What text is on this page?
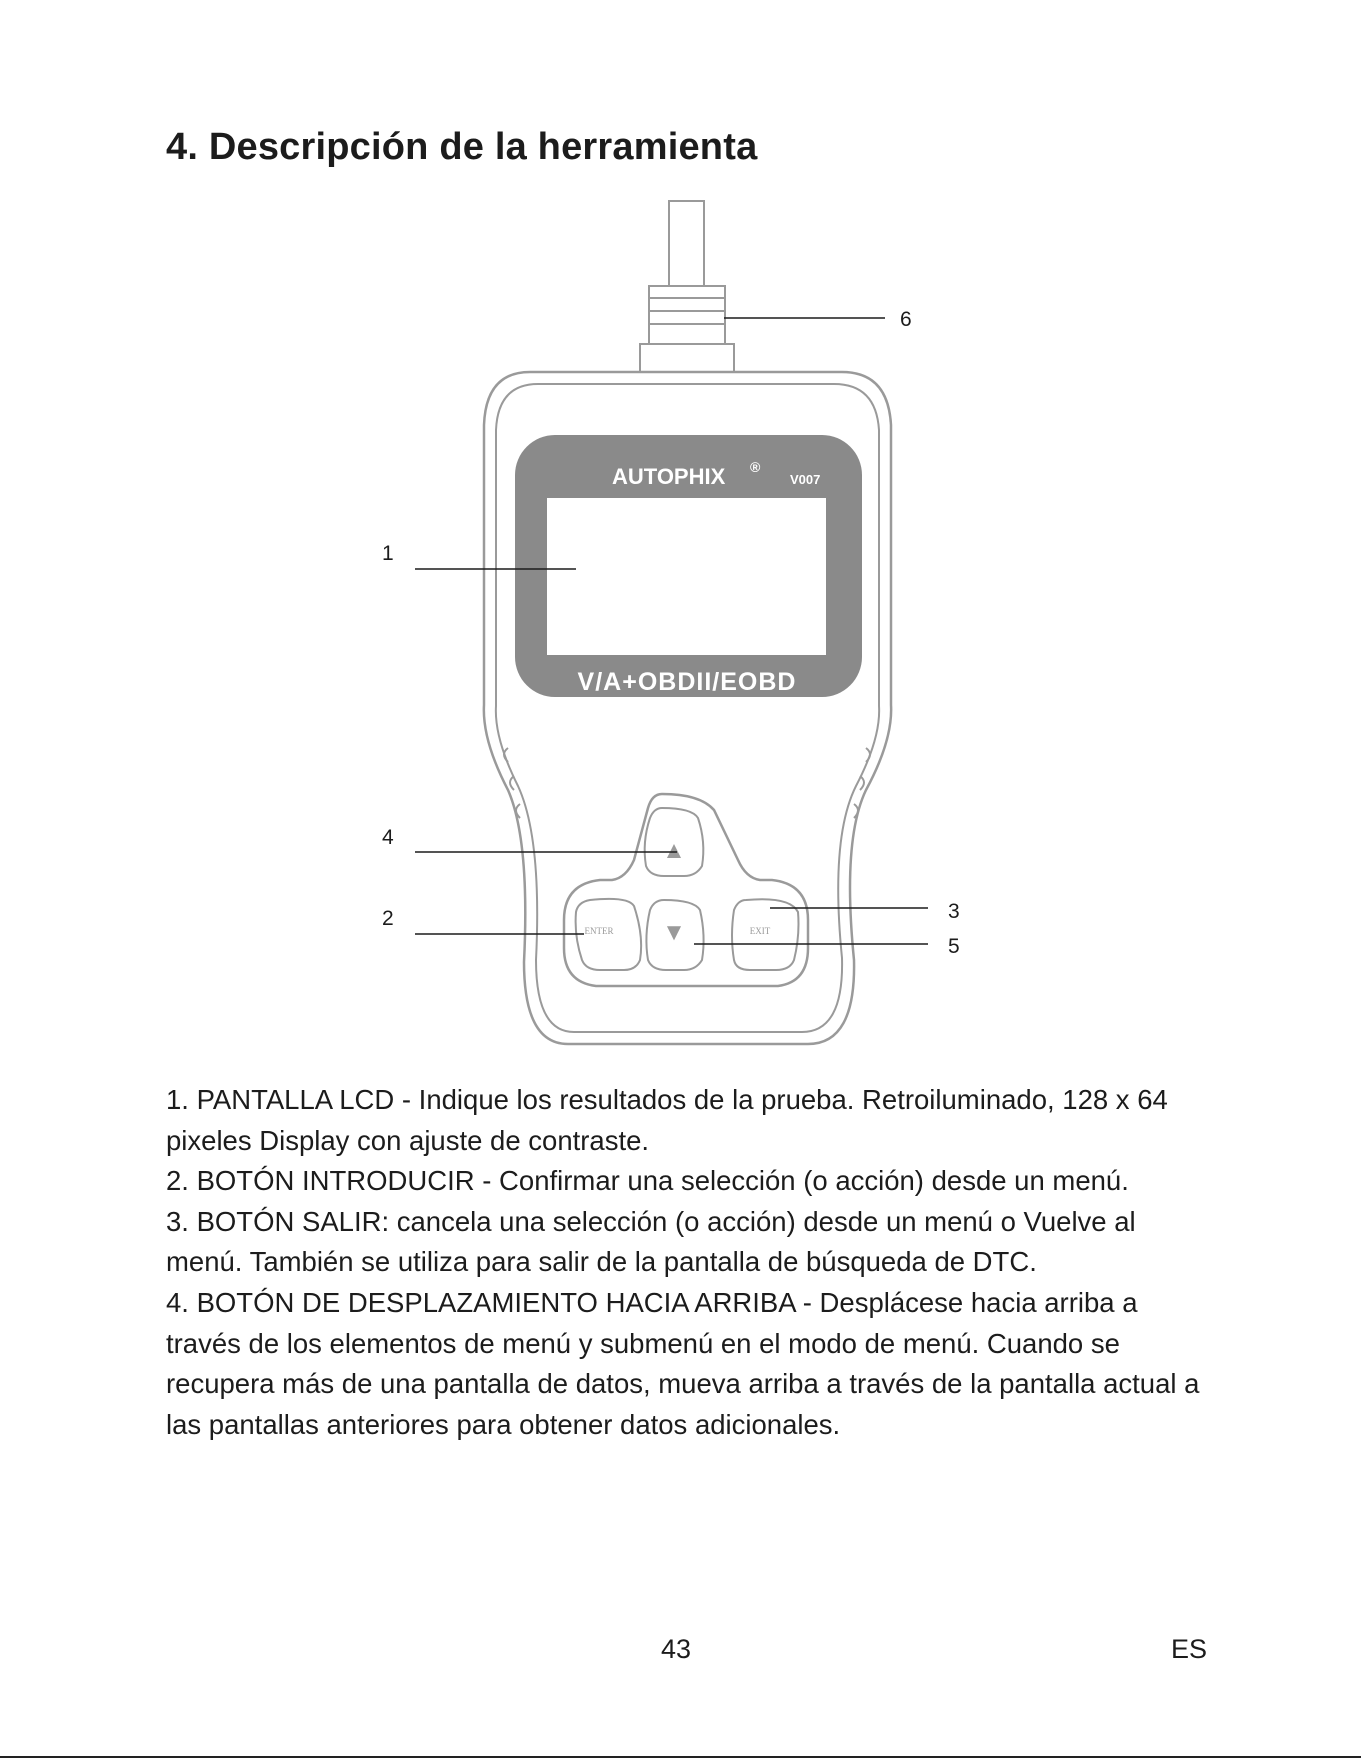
4. Descripción de la herramienta
AUTOPHIX ®
V007
V/A+OBDII/EOBD
▲
ENTER ▼	EXIT
6
1
4
2	3
5

1. PANTALLA LCD - Indique los resultados de la prueba. Retroiluminado, 128 x 64 pixeles Display con ajuste de contraste.

2. BOTÓN INTRODUCIR - Confirmar una selección (o acción) desde un menú.

3. BOTÓN SALIR: cancela una selección (o acción) desde un menú o Vuelve al menú. También se utiliza para salir de la pantalla de búsqueda de DTC.

4. BOTÓN DE DESPLAZAMIENTO HACIA ARRIBA - Desplácese hacia arriba a través de los elementos de menú y submenú en el modo de menú. Cuando se recupera más de una pantalla de datos, mueva arriba a través de la pantalla actual a las pantallas anteriores para obtener datos adicionales.

43	ES
